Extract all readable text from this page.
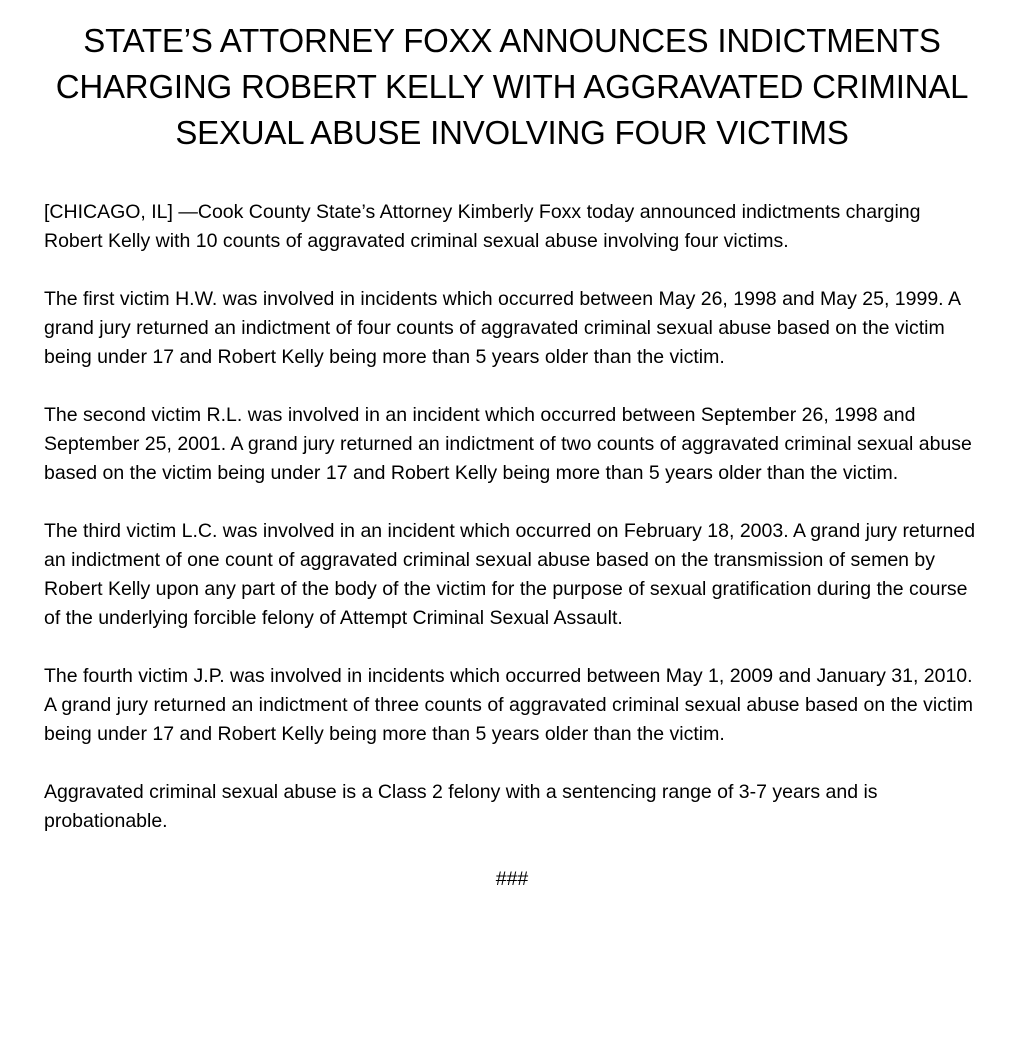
STATE’S ATTORNEY FOXX ANNOUNCES INDICTMENTS
CHARGING ROBERT KELLY WITH AGGRAVATED CRIMINAL
SEXUAL ABUSE INVOLVING FOUR VICTIMS

[CHICAGO, IL] —Cook County State’s Attorney Kimberly Foxx today announced indictments charging Robert Kelly with 10 counts of aggravated criminal sexual abuse involving four victims.

The first victim H.W. was involved in incidents which occurred between May 26, 1998 and May 25, 1999. A grand jury returned an indictment of four counts of aggravated criminal sexual abuse based on the victim being under 17 and Robert Kelly being more than 5 years older than the victim.

The second victim R.L. was involved in an incident which occurred between September 26, 1998 and September 25, 2001. A grand jury returned an indictment of two counts of aggravated criminal sexual abuse based on the victim being under 17 and Robert Kelly being more than 5 years older than the victim.

The third victim L.C. was involved in an incident which occurred on February 18, 2003. A grand jury returned an indictment of one count of aggravated criminal sexual abuse based on the transmission of semen by Robert Kelly upon any part of the body of the victim for the purpose of sexual gratification during the course of the underlying forcible felony of Attempt Criminal Sexual Assault.

The fourth victim J.P. was involved in incidents which occurred between May 1, 2009 and January 31, 2010. A grand jury returned an indictment of three counts of aggravated criminal sexual abuse based on the victim being under 17 and Robert Kelly being more than 5 years older than the victim.

Aggravated criminal sexual abuse is a Class 2 felony with a sentencing range of 3-7 years and is probationable.

###
